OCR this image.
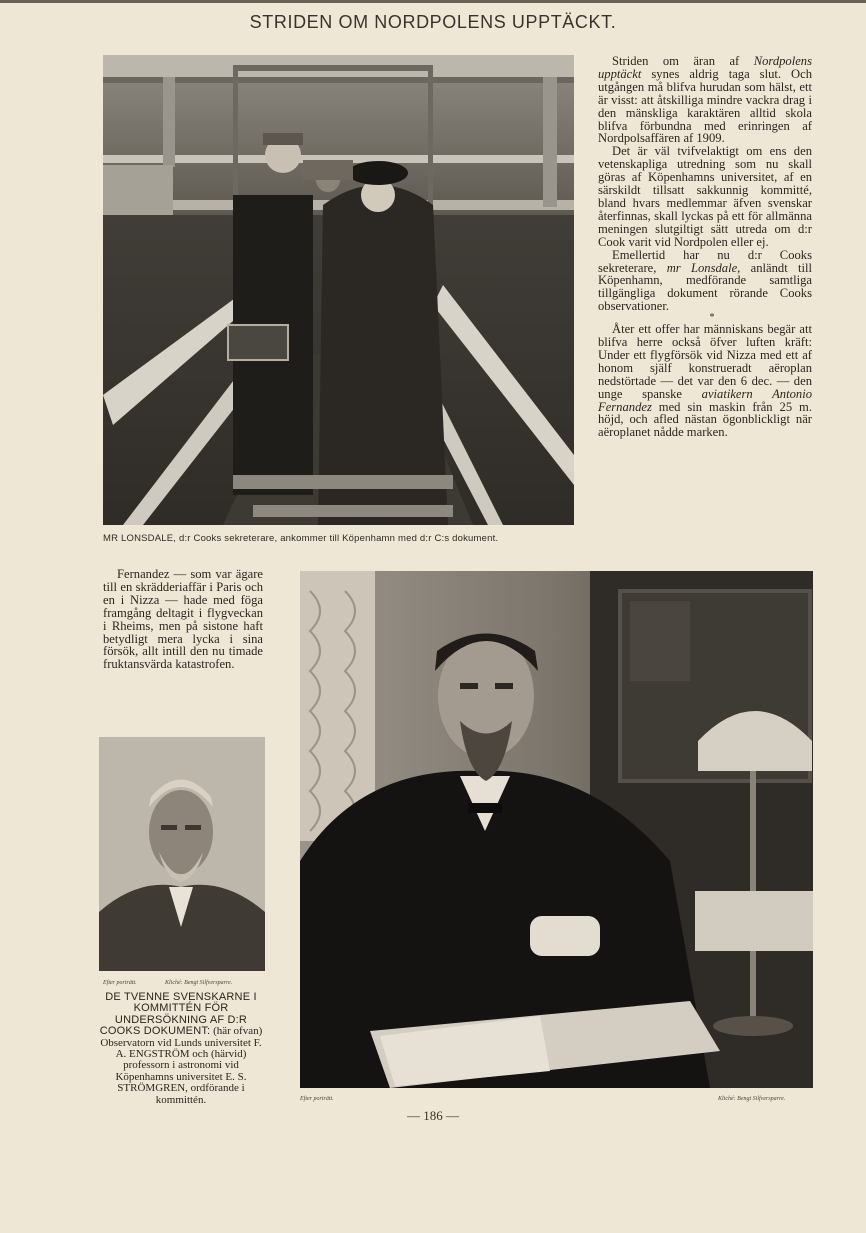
STRIDEN OM NORDPOLENS UPPTÄCKT.
MR LONSDALE, d:r Cooks sekreterare, ankommer till Köpenhamn med d:r C:s dokument.

Striden om äran af Nordpolens upptäckt synes aldrig taga slut. Och utgången må blifva hurudan som hälst, ett är visst: att åtskilliga mindre vackra drag i den mänskliga karaktären alltid skola blifva förbundna med erinringen af Nordpolsaffären af 1909.

Det är väl tvifvelaktigt om ens den vetenskapliga utredning som nu skall göras af Köpenhamns universitet, af en särskildt tillsatt sakkunnig kommitté, bland hvars medlemmar äfven svenskar återfinnas, skall lyckas på ett för allmänna meningen slutgiltigt sätt utreda om d:r Cook varit vid Nordpolen eller ej.

Emellertid har nu d:r Cooks sekreterare, mr Lonsdale, anländt till Köpenhamn, medförande samtliga tillgängliga dokument rörande Cooks observationer.

*

Åter ett offer har människans begär att blifva herre också öfver luften kräft: Under ett flygförsök vid Nizza med ett af honom själf konstrueradt aëroplan nedstörtade — det var den 6 dec. — den unge spanske aviatikern Antonio Fernandez med sin maskin från 25 m. höjd, och afled nästan ögonblickligt när aëroplanet nådde marken.

Fernandez — som var ägare till en skrädderiaffär i Paris och en i Nizza — hade med föga framgång deltagit i flygveckan i Rheims, men på sistone haft betydligt mera lycka i sina försök, allt intill den nu timade fruktansvärda katastrofen.

Efter porträtt.	Kliché: Bengt Silfversparre.
DE TVENNE SVENSKARNE I KOMMITTÉN FÖR UNDERSÖKNING AF D:R COOKS DOKUMENT: (här ofvan) Observatorn vid Lunds universitet F. A. ENGSTRÖM och (härvid) professorn i astronomi vid Köpenhamns universitet E. S. STRÖMGREN, ordförande i kommittén.	Efter porträtt.	Kliché: Bengt Silfversparre.
— 186 —
